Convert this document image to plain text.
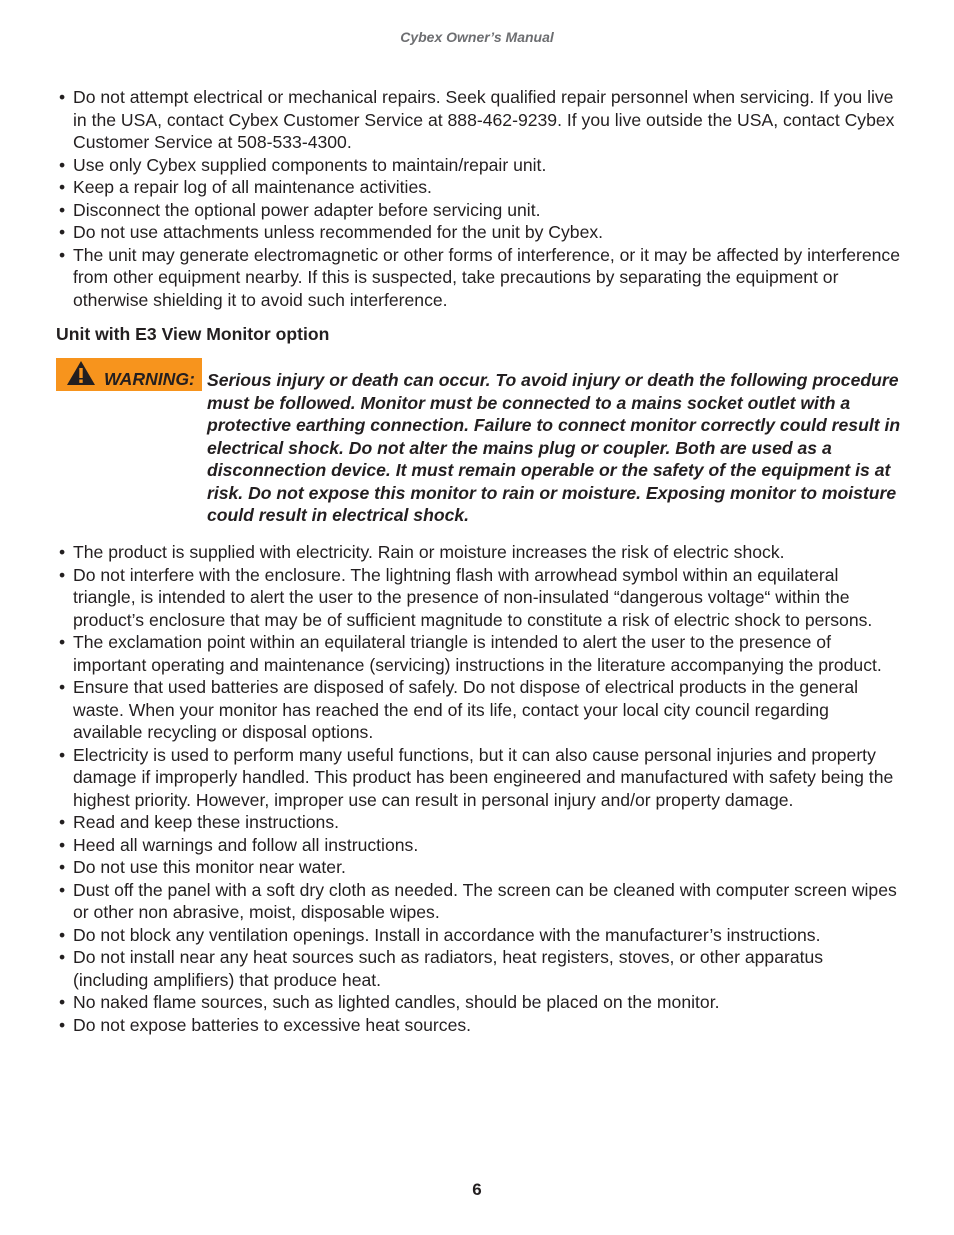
Cybex Owner’s Manual
• Do not attempt electrical or mechanical repairs. Seek qualified repair personnel when servicing. If you live in the USA, contact Cybex Customer Service at 888-462-9239. If you live outside the USA, contact Cybex Customer Service at 508-533-4300.
• Use only Cybex supplied components to maintain/repair unit.
• Keep a repair log of all maintenance activities.
• Disconnect the optional power adapter before servicing unit.
• Do not use attachments unless recommended for the unit by Cybex.
• The unit may generate electromagnetic or other forms of interference, or it may be affected by interference from other equipment nearby. If this is suspected, take precautions by separating the equipment or otherwise shielding it to avoid such interference.
Unit with E3 View Monitor option
WARNING: Serious injury or death can occur. To avoid injury or death the following procedure must be followed. Monitor must be connected to a mains socket outlet with a protective earthing connection. Failure to connect monitor correctly could result in electrical shock. Do not alter the mains plug or coupler. Both are used as a disconnection device. It must remain operable or the safety of the equipment is at risk. Do not expose this monitor to rain or moisture. Exposing monitor to moisture could result in electrical shock.

• The product is supplied with electricity. Rain or moisture increases the risk of electric shock.
• Do not interfere with the enclosure. The lightning flash with arrowhead symbol within an equilateral triangle, is intended to alert the user to the presence of non-insulated “dangerous voltage“ within the product’s enclosure that may be of sufficient magnitude to constitute a risk of electric shock to persons.
• The exclamation point within an equilateral triangle is intended to alert the user to the presence of important operating and maintenance (servicing) instructions in the literature accompanying the product.
• Ensure that used batteries are disposed of safely. Do not dispose of electrical products in the general waste. When your monitor has reached the end of its life, contact your local city council regarding available recycling or disposal options.
• Electricity is used to perform many useful functions, but it can also cause personal injuries and property damage if improperly handled. This product has been engineered and manufactured with safety being the highest priority. However, improper use can result in personal injury and/or property damage.
• Read and keep these instructions.
• Heed all warnings and follow all instructions.
• Do not use this monitor near water.
• Dust off the panel with a soft dry cloth as needed. The screen can be cleaned with computer screen wipes or other non abrasive, moist, disposable wipes.
• Do not block any ventilation openings. Install in accordance with the manufacturer’s instructions.
• Do not install near any heat sources such as radiators, heat registers, stoves, or other apparatus (including amplifiers) that produce heat.
• No naked flame sources, such as lighted candles, should be placed on the monitor.
• Do not expose batteries to excessive heat sources.
6
